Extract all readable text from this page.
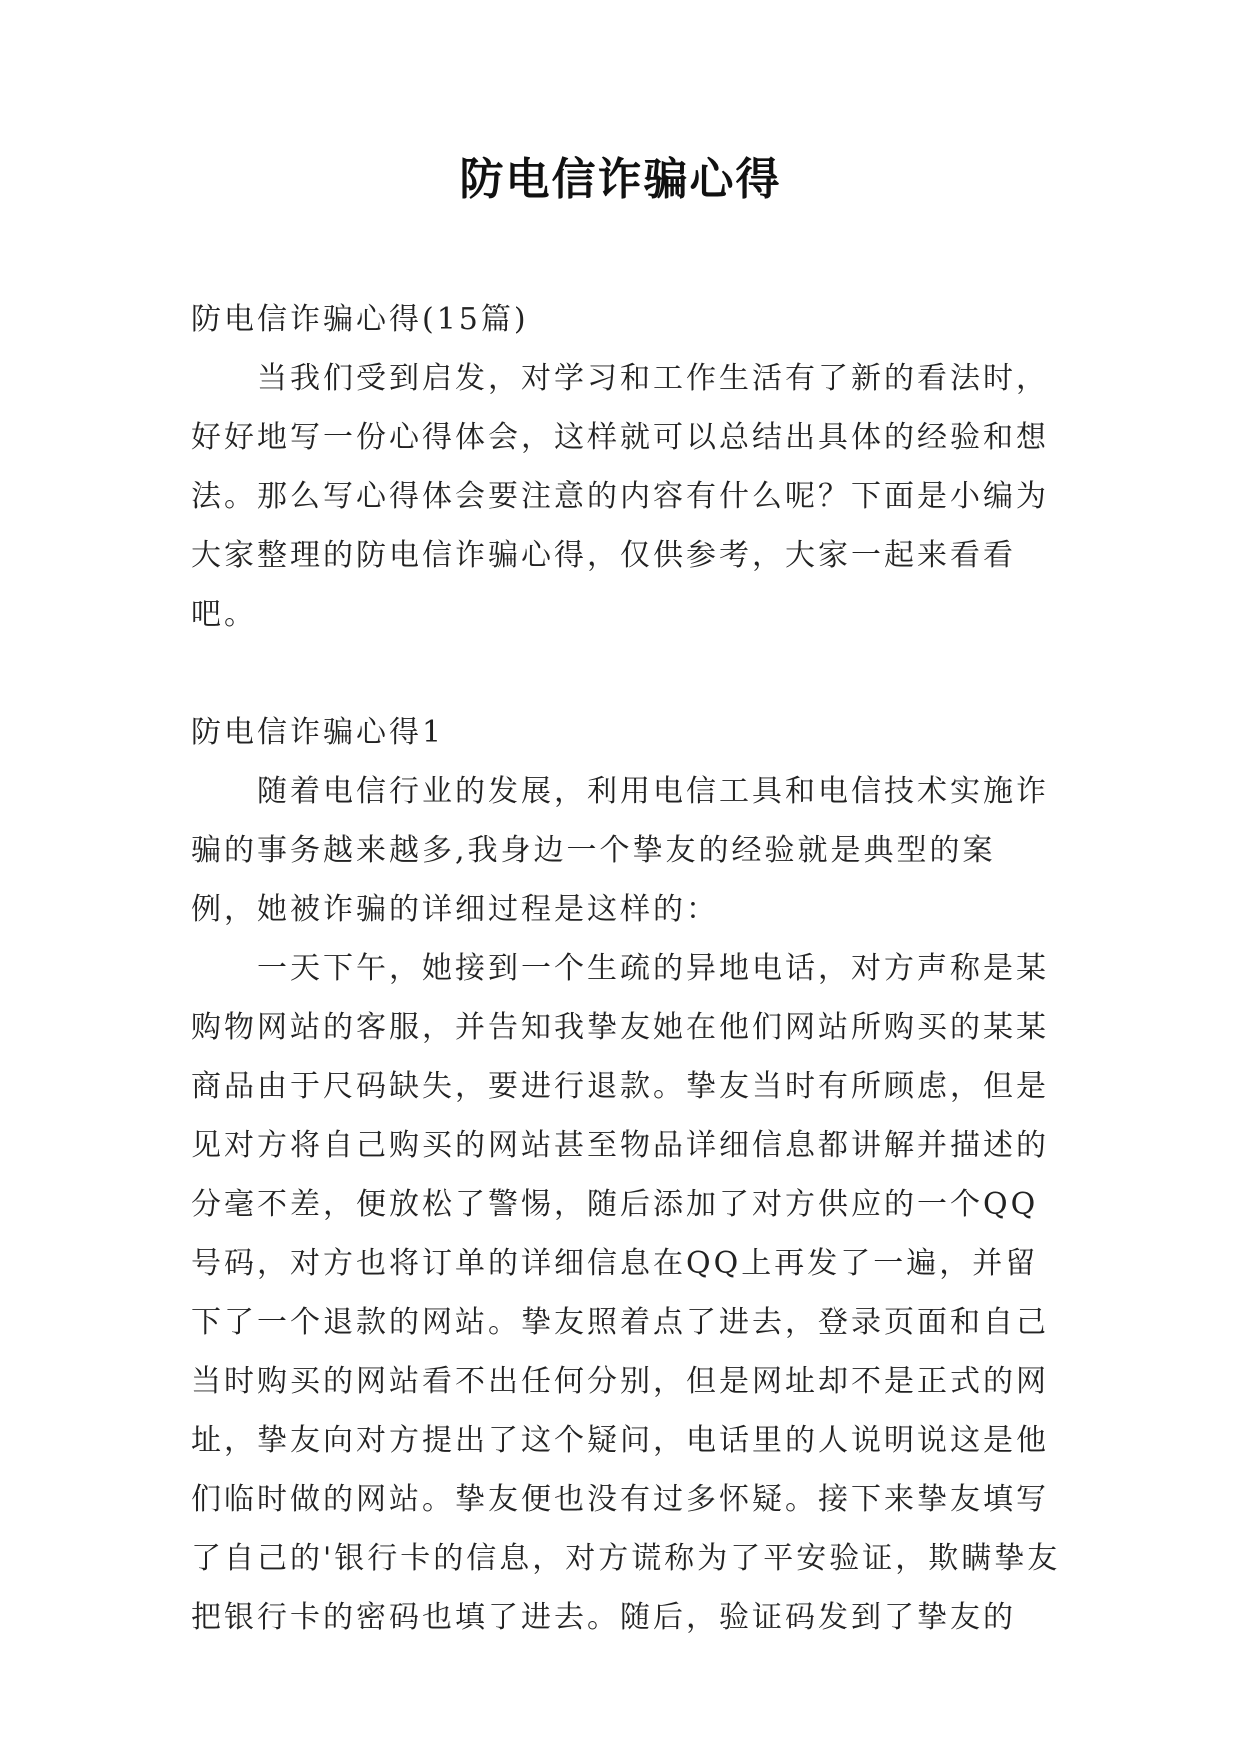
防电信诈骗心得

防电信诈骗心得(15篇)

当我们受到启发，对学习和工作生活有了新的看法时，好好地写一份心得体会，这样就可以总结出具体的经验和想法。那么写心得体会要注意的内容有什么呢？下面是小编为大家整理的防电信诈骗心得，仅供参考，大家一起来看看吧。

防电信诈骗心得1

随着电信行业的发展，利用电信工具和电信技术实施诈骗的事务越来越多,我身边一个挚友的经验就是典型的案例，她被诈骗的详细过程是这样的：

一天下午，她接到一个生疏的异地电话，对方声称是某购物网站的客服，并告知我挚友她在他们网站所购买的某某商品由于尺码缺失，要进行退款。挚友当时有所顾虑，但是见对方将自己购买的网站甚至物品详细信息都讲解并描述的分毫不差，便放松了警惕，随后添加了对方供应的一个QQ号码，对方也将订单的详细信息在QQ上再发了一遍，并留下了一个退款的网站。挚友照着点了进去，登录页面和自己当时购买的网站看不出任何分别，但是网址却不是正式的网址，挚友向对方提出了这个疑问，电话里的人说明说这是他们临时做的网站。挚友便也没有过多怀疑。接下来挚友填写了自己的'银行卡的信息，对方谎称为了平安验证，欺瞒挚友把银行卡的密码也填了进去。随后，验证码发到了挚友的
